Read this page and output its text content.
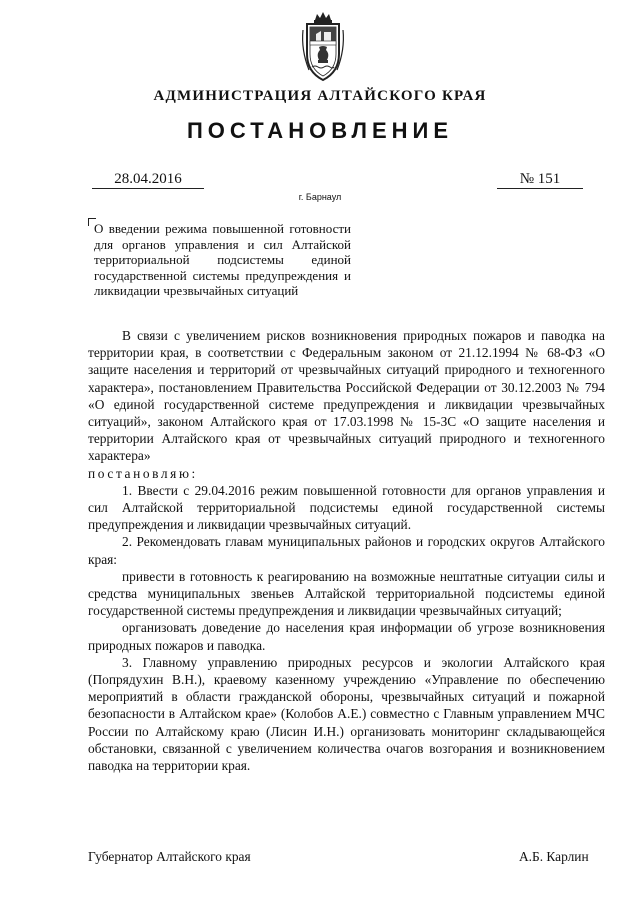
АДМИНИСТРАЦИЯ АЛТАЙСКОГО КРАЯ
ПОСТАНОВЛЕНИЕ
28.04.2016	№ 151
г. Барнаул
О введении режима повышенной готовности для органов управления и сил Алтайской территориальной подсистемы единой государственной системы предупреждения и ликвидации чрезвычайных ситуаций

В связи с увеличением рисков возникновения природных пожаров и паводка на территории края, в соответствии с Федеральным законом от 21.12.1994 № 68-ФЗ «О защите населения и территорий от чрезвычайных ситуаций природного и техногенного характера», постановлением Правительства Российской Федерации от 30.12.2003 № 794 «О единой государственной системе предупреждения и ликвидации чрезвычайных ситуаций», законом Алтайского края от 17.03.1998 № 15-ЗС «О защите населения и территории Алтайского края от чрезвычайных ситуаций природного и техногенного характера»

постановляю:

1. Ввести с 29.04.2016 режим повышенной готовности для органов управления и сил Алтайской территориальной подсистемы единой государственной системы предупреждения и ликвидации чрезвычайных ситуаций.

2. Рекомендовать главам муниципальных районов и городских округов Алтайского края:

привести в готовность к реагированию на возможные нештатные ситуации силы и средства муниципальных звеньев Алтайской территориальной подсистемы единой государственной системы предупреждения и ликвидации чрезвычайных ситуаций;

организовать доведение до населения края информации об угрозе возникновения природных пожаров и паводка.

3. Главному управлению природных ресурсов и экологии Алтайского края (Попрядухин В.Н.), краевому казенному учреждению «Управление по обеспечению мероприятий в области гражданской обороны, чрезвычайных ситуаций и пожарной безопасности в Алтайском крае» (Колобов А.Е.) совместно с Главным управлением МЧС России по Алтайскому краю (Лисин И.Н.) организовать мониторинг складывающейся обстановки, связанной с увеличением количества очагов возгорания и возникновением паводка на территории края.

Губернатор Алтайского края	А.Б. Карлин
